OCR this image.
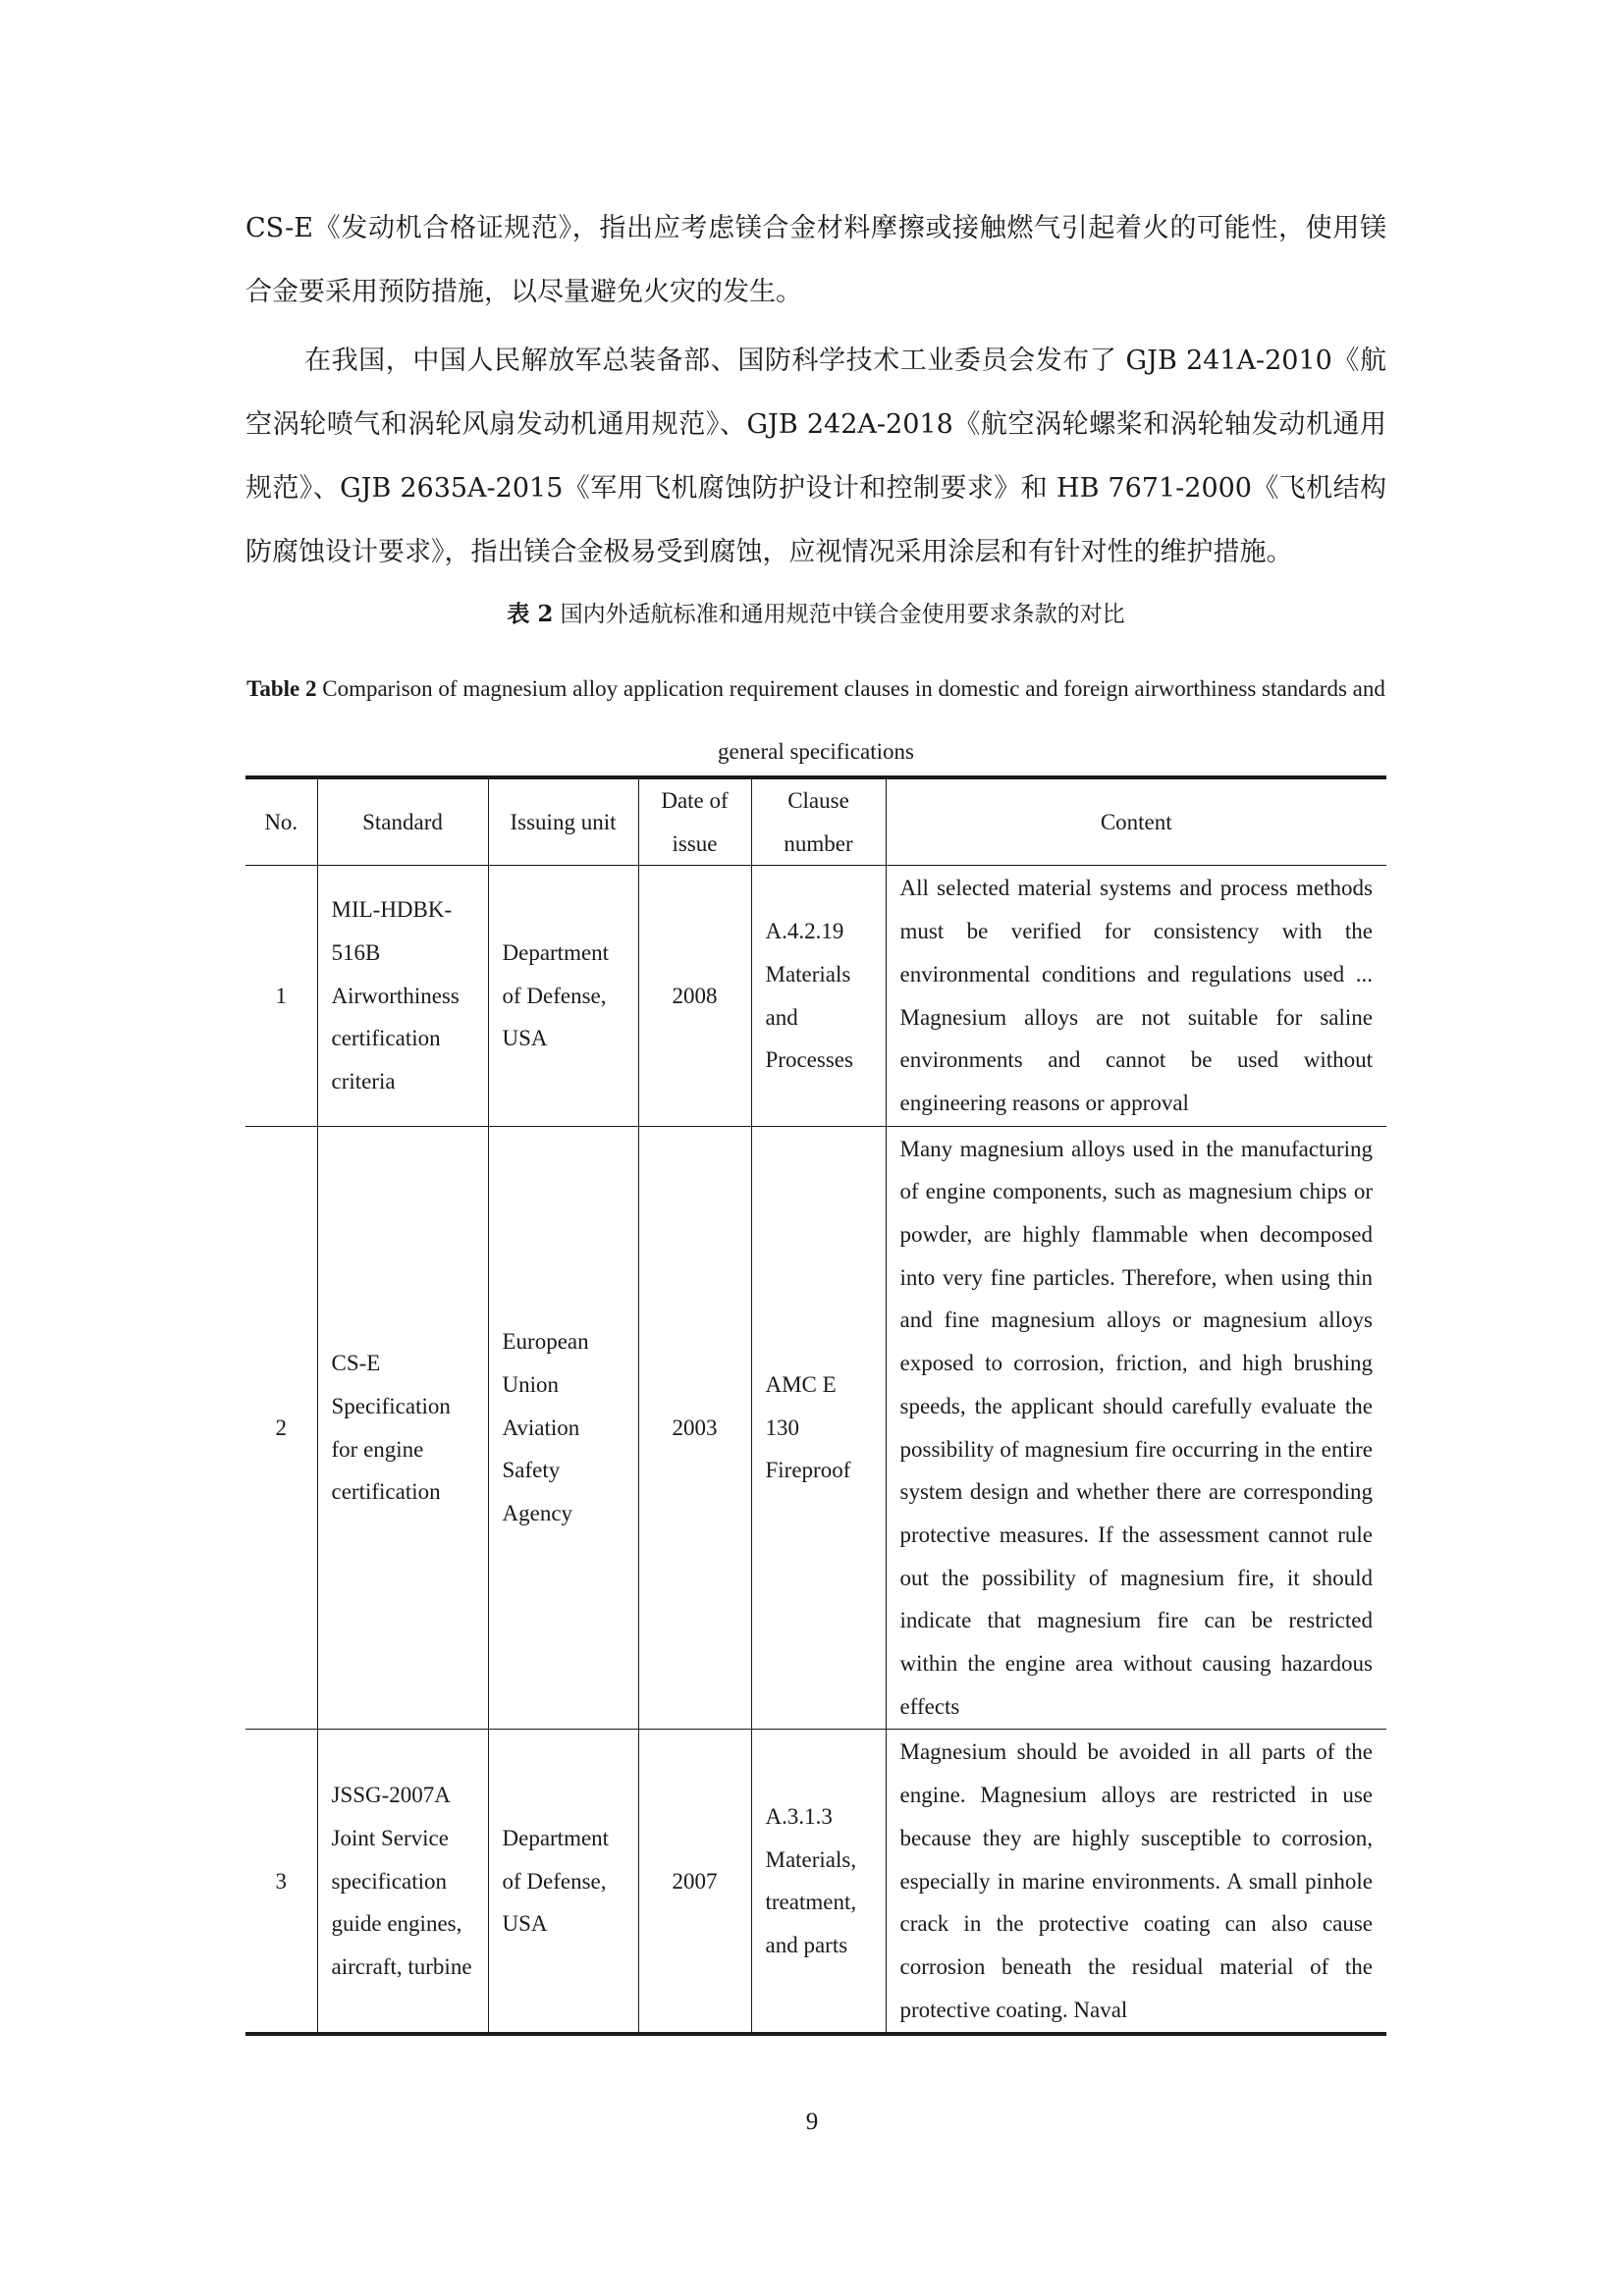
CS-E《发动机合格证规范》，指出应考虑镁合金材料摩擦或接触燃气引起着火的可能性，使用镁合金要采用预防措施，以尽量避免火灾的发生。

在我国，中国人民解放军总装备部、国防科学技术工业委员会发布了 GJB 241A-2010《航空涡轮喷气和涡轮风扇发动机通用规范》、GJB 242A-2018《航空涡轮螺桨和涡轮轴发动机通用规范》、GJB 2635A-2015《军用飞机腐蚀防护设计和控制要求》和 HB 7671-2000《飞机结构防腐蚀设计要求》，指出镁合金极易受到腐蚀，应视情况采用涂层和有针对性的维护措施。

表 2 国内外适航标准和通用规范中镁合金使用要求条款的对比
Table 2 Comparison of magnesium alloy application requirement clauses in domestic and foreign airworthiness standards and general specifications
No.	Standard	Issuing unit	Date of issue	Clause number	Content
1	MIL-HDBK-516B Airworthiness certification criteria	Department of Defense, USA	2008	A.4.2.19 Materials and Processes	All selected material systems and process methods must be verified for consistency with the environmental conditions and regulations used ... Magnesium alloys are not suitable for saline environments and cannot be used without engineering reasons or approval
2	CS-E Specification for engine certification	European Union Aviation Safety Agency	2003	AMC E 130 Fireproof	Many magnesium alloys used in the manufacturing of engine components, such as magnesium chips or powder, are highly flammable when decomposed into very fine particles. Therefore, when using thin and fine magnesium alloys or magnesium alloys exposed to corrosion, friction, and high brushing speeds, the applicant should carefully evaluate the possibility of magnesium fire occurring in the entire system design and whether there are corresponding protective measures. If the assessment cannot rule out the possibility of magnesium fire, it should indicate that magnesium fire can be restricted within the engine area without causing hazardous effects
3	JSSG-2007A Joint Service specification guide engines, aircraft, turbine	Department of Defense, USA	2007	A.3.1.3 Materials, treatment, and parts	Magnesium should be avoided in all parts of the engine. Magnesium alloys are restricted in use because they are highly susceptible to corrosion, especially in marine environments. A small pinhole crack in the protective coating can also cause corrosion beneath the residual material of the protective coating. Naval
9
